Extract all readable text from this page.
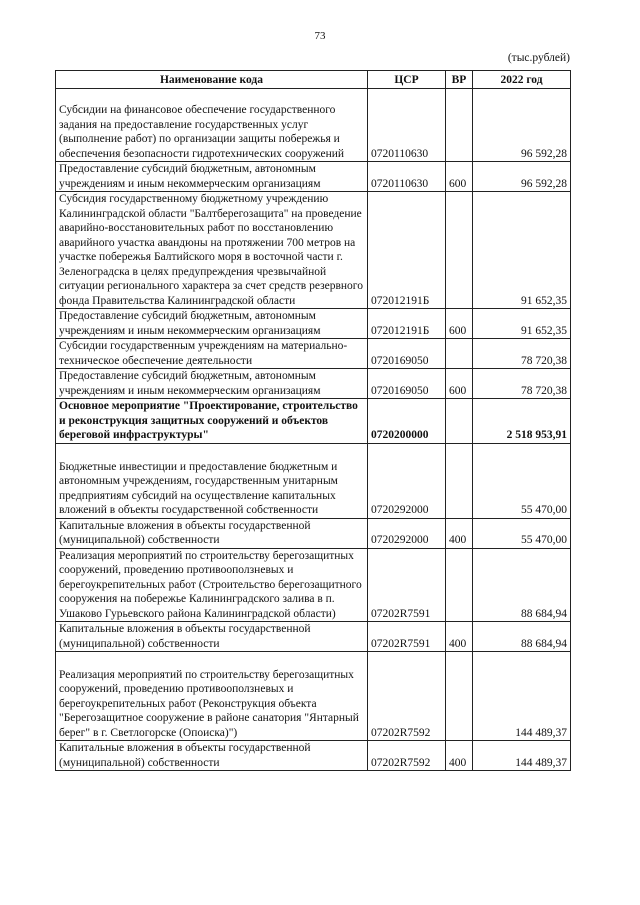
73
(тыс.рублей)
Наименование кода	ЦСР	ВР	2022 год
Субсидии на финансовое обеспечение государственного задания на предоставление государственных услуг (выполнение работ) по организации защиты побережья и обеспечения безопасности гидротехнических сооружений	0720110630		96 592,28
Предоставление субсидий бюджетным, автономным учреждениям и иным некоммерческим организациям	0720110630	600	96 592,28
Субсидия государственному бюджетному учреждению Калининградской области "Балтберегозащита" на проведение аварийно-восстановительных работ по восстановлению аварийного участка авандюны на протяжении 700 метров на участке побережья Балтийского моря в восточной части г. Зеленоградска в целях предупреждения чрезвычайной ситуации регионального характера за счет средств резервного фонда Правительства Калининградской области	072012191Б		91 652,35
Предоставление субсидий бюджетным, автономным учреждениям и иным некоммерческим организациям	072012191Б	600	91 652,35
Субсидии государственным учреждениям на материально-техническое обеспечение деятельности	0720169050		78 720,38
Предоставление субсидий бюджетным, автономным учреждениям и иным некоммерческим организациям	0720169050	600	78 720,38
Основное мероприятие "Проектирование, строительство и реконструкция защитных сооружений и объектов береговой инфраструктуры"	0720200000		2 518 953,91
Бюджетные инвестиции и предоставление бюджетным и автономным учреждениям, государственным унитарным предприятиям субсидий на осуществление капитальных вложений в объекты государственной собственности	0720292000		55 470,00
Капитальные вложения в объекты государственной (муниципальной) собственности	0720292000	400	55 470,00
Реализация мероприятий по строительству берегозащитных сооружений, проведению противооползневых и берегоукрепительных работ (Строительство берегозащитного сооружения на побережье Калининградского залива в п. Ушаково Гурьевского района Калининградской области)	07202R7591		88 684,94
Капитальные вложения в объекты государственной (муниципальной) собственности	07202R7591	400	88 684,94
Реализация мероприятий по строительству берегозащитных сооружений, проведению противооползневых и берегоукрепительных работ (Реконструкция объекта "Берегозащитное сооружение в районе санатория "Янтарный берег" в г. Светлогорске (Опоиска)")	07202R7592		144 489,37
Капитальные вложения в объекты государственной (муниципальной) собственности	07202R7592	400	144 489,37
